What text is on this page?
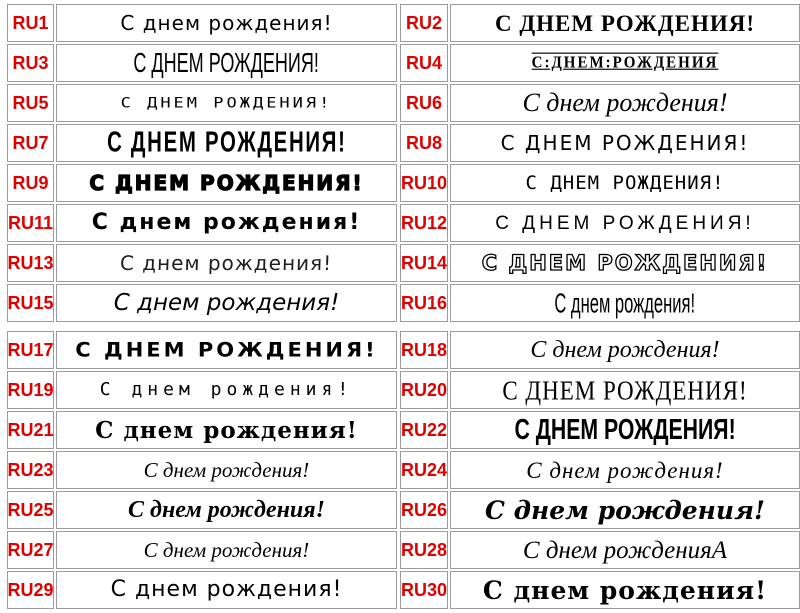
RU1	С днем рождения!	RU2 С ДНЕМ РОЖДЕНИЯ!
RU3	С ДНЕМ РОЖДЕНИЯ!	RU4	С:ДНЕМ:РОЖДЕНИЯ
RU5	С ДНЕМ РОЖДЕНИЯ!	RU6	С днем рождения!
RU7 С ДНЕМ РОЖДЕНИЯ!	RU8	С ДНЕМ РОЖДЕНИЯ!
RU9 С ДНЕМ РОЖДЕНИЯ! RU10	С ДНЕМ РОЖДЕНИЯ!
RU11 С днем рождения! RU12	С ДНЕМ РОЖДЕНИЯ!
RU13	С днем рождения!	RU14 С ДНЕМ РОЖДЕНИЯ!
RU15	С днем рождения!	RU16	С днем рождения!
RU17 С ДНЕМ РОЖДЕНИЯ! RU18	С днем рождения!
RU19	С днем рождения!	RU20 С ДНЕМ РОЖДЕНИЯ!
RU21 С днем рождения! RU22	С ДНЕМ РОЖДЕНИЯ!
RU23	С днем рождения!	RU24	С днем рождения!
RU25	С днем рождения!	RU26 С днем рождения!
RU27	С днем рождения!	RU28	С днем рожденияА
RU29	С днем рождения!	RU30 С днем рождения!
